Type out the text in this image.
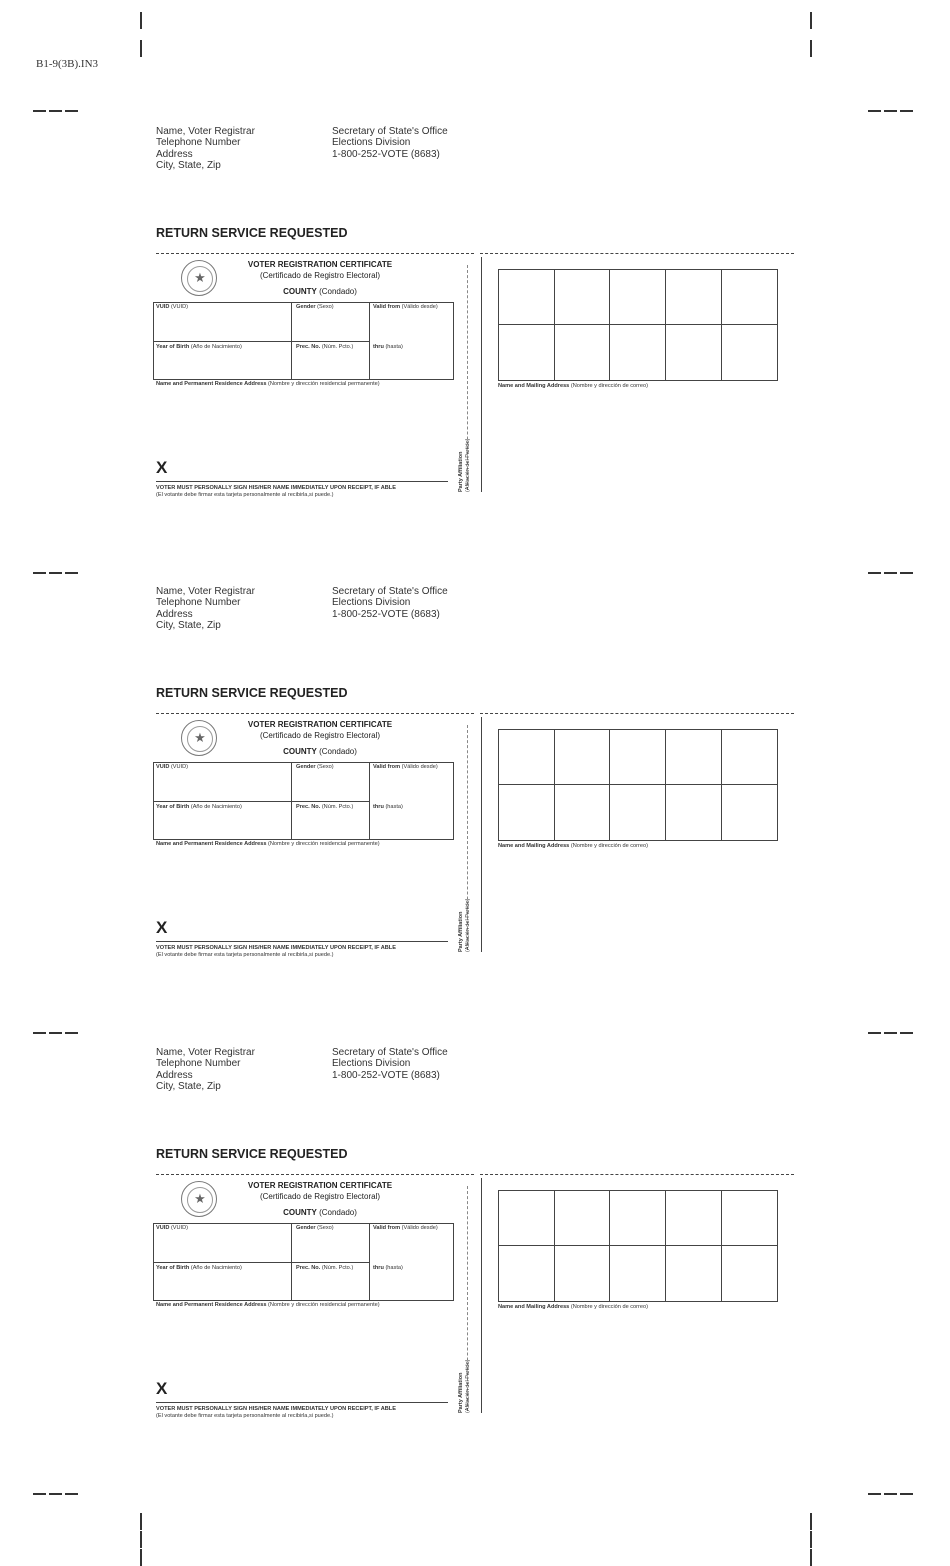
B1-9(3B).IN3
Name, Voter Registrar
Telephone Number
Address
City, State, Zip
Secretary of State's Office
Elections Division
1-800-252-VOTE (8683)
RETURN SERVICE REQUESTED
★
VOTER REGISTRATION CERTIFICATE
(Certificado de Registro Electoral)
COUNTY (Condado)
VUID (VUID)	Gender (Sexo)	Valid from (Válido desde)
Year of Birth (Año de Nacimiento)	Prec. No. (Núm. Pcto.)	thru (hasta)
Name and Permanent Residence Address (Nombre y dirección residencial permanente)
X
VOTER MUST PERSONALLY SIGN HIS/HER NAME IMMEDIATELY UPON RECEIPT, IF ABLE
(El votante debe firmar esta tarjeta personalmente al recibirla,si puede.)
Party Affiliation
(Afiliación del Partido)
Name and Mailing Address (Nombre y dirección de correo)
Name, Voter Registrar
Telephone Number
Address
City, State, Zip
Secretary of State's Office
Elections Division
1-800-252-VOTE (8683)
RETURN SERVICE REQUESTED
★
VOTER REGISTRATION CERTIFICATE
(Certificado de Registro Electoral)
COUNTY (Condado)
VUID (VUID)	Gender (Sexo)	Valid from (Válido desde)
Year of Birth (Año de Nacimiento)	Prec. No. (Núm. Pcto.)	thru (hasta)
Name and Permanent Residence Address (Nombre y dirección residencial permanente)
X
VOTER MUST PERSONALLY SIGN HIS/HER NAME IMMEDIATELY UPON RECEIPT, IF ABLE
(El votante debe firmar esta tarjeta personalmente al recibirla,si puede.)
Party Affiliation
(Afiliación del Partido)
Name and Mailing Address (Nombre y dirección de correo)
Name, Voter Registrar
Telephone Number
Address
City, State, Zip
Secretary of State's Office
Elections Division
1-800-252-VOTE (8683)
RETURN SERVICE REQUESTED
★
VOTER REGISTRATION CERTIFICATE
(Certificado de Registro Electoral)
COUNTY (Condado)
VUID (VUID)	Gender (Sexo)	Valid from (Válido desde)
Year of Birth (Año de Nacimiento)	Prec. No. (Núm. Pcto.)	thru (hasta)
Name and Permanent Residence Address (Nombre y dirección residencial permanente)
X
VOTER MUST PERSONALLY SIGN HIS/HER NAME IMMEDIATELY UPON RECEIPT, IF ABLE
(El votante debe firmar esta tarjeta personalmente al recibirla,si puede.)
Party Affiliation
(Afiliación del Partido)
Name and Mailing Address (Nombre y dirección de correo)
